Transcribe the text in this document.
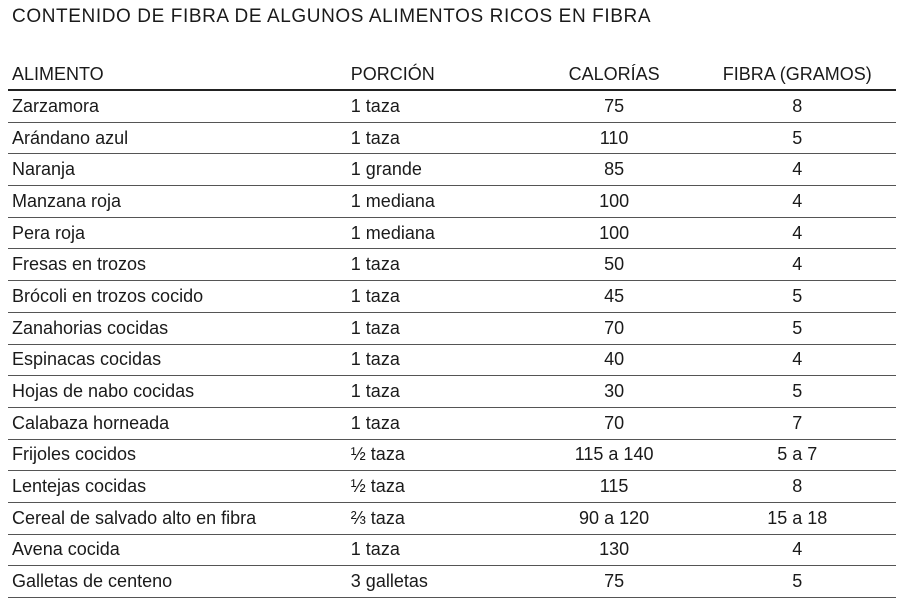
CONTENIDO DE FIBRA DE ALGUNOS ALIMENTOS RICOS EN FIBRA
ALIMENTO	PORCIÓN	CALORÍAS	FIBRA (GRAMOS)
Zarzamora	1 taza	75	8
Arándano azul	1 taza	110	5
Naranja	1 grande	85	4
Manzana roja	1 mediana	100	4
Pera roja	1 mediana	100	4
Fresas en trozos	1 taza	50	4
Brócoli en trozos cocido	1 taza	45	5
Zanahorias cocidas	1 taza	70	5
Espinacas cocidas	1 taza	40	4
Hojas de nabo cocidas	1 taza	30	5
Calabaza horneada	1 taza	70	7
Frijoles cocidos	½ taza	115 a 140	5 a 7
Lentejas cocidas	½ taza	115	8
Cereal de salvado alto en fibra	⅔ taza	90 a 120	15 a 18
Avena cocida	1 taza	130	4
Galletas de centeno	3 galletas	75	5
